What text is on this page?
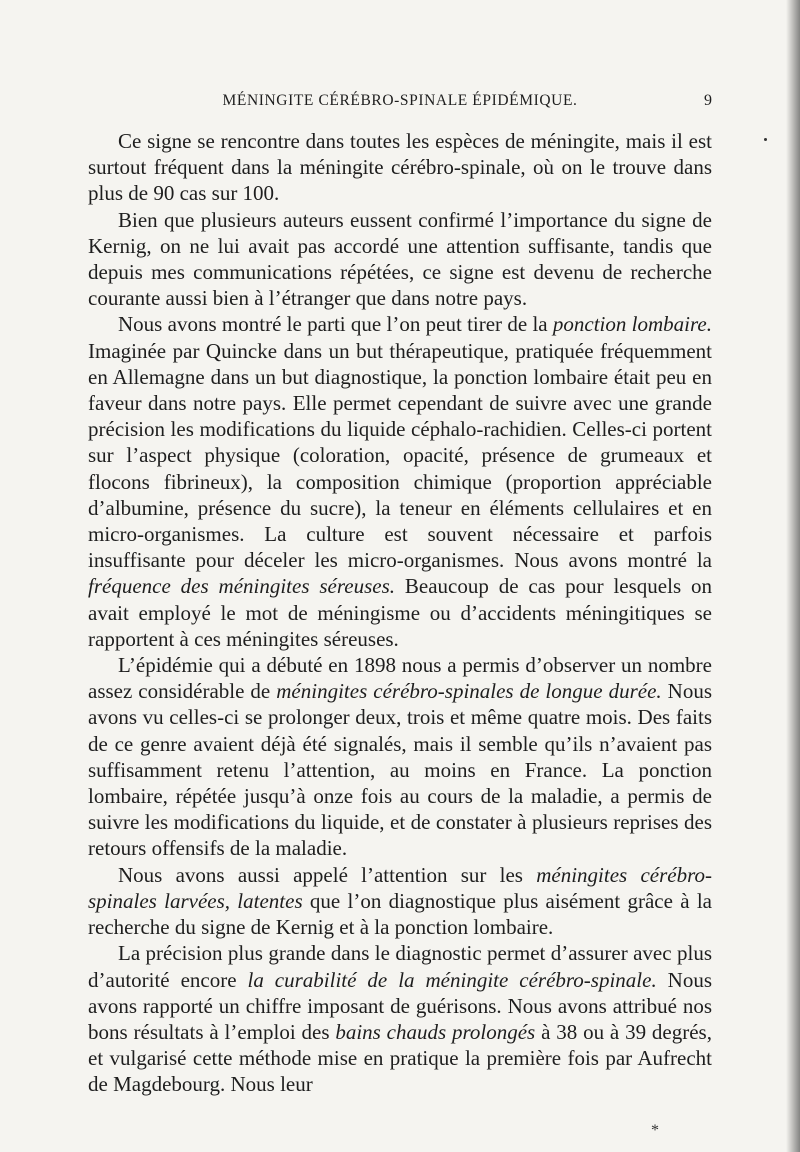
MÉNINGITE CÉRÉBRO-SPINALE ÉPIDÉMIQUE.	9

Ce signe se rencontre dans toutes les espèces de méningite, mais il est surtout fréquent dans la méningite cérébro-spinale, où on le trouve dans plus de 90 cas sur 100.

Bien que plusieurs auteurs eussent confirmé l’importance du signe de Kernig, on ne lui avait pas accordé une attention suffisante, tandis que depuis mes communications répétées, ce signe est devenu de recherche courante aussi bien à l’étranger que dans notre pays.

Nous avons montré le parti que l’on peut tirer de la ponction lombaire. Imaginée par Quincke dans un but thérapeutique, pratiquée fréquemment en Allemagne dans un but diagnostique, la ponction lombaire était peu en faveur dans notre pays. Elle permet cependant de suivre avec une grande précision les modifications du liquide céphalo-rachidien. Celles-ci portent sur l’aspect physique (coloration, opacité, présence de grumeaux et flocons fibrineux), la composition chimique (proportion appréciable d’albumine, présence du sucre), la teneur en éléments cellulaires et en micro-organismes. La culture est souvent nécessaire et parfois insuffisante pour déceler les micro-organismes. Nous avons montré la fréquence des méningites séreuses. Beaucoup de cas pour lesquels on avait employé le mot de méningisme ou d’accidents méningitiques se rapportent à ces méningites séreuses.

L’épidémie qui a débuté en 1898 nous a permis d’observer un nombre assez considérable de méningites cérébro-spinales de longue durée. Nous avons vu celles-ci se prolonger deux, trois et même quatre mois. Des faits de ce genre avaient déjà été signalés, mais il semble qu’ils n’avaient pas suffisamment retenu l’attention, au moins en France. La ponction lombaire, répétée jusqu’à onze fois au cours de la maladie, a permis de suivre les modifications du liquide, et de constater à plusieurs reprises des retours offensifs de la maladie.

Nous avons aussi appelé l’attention sur les méningites cérébro-spinales larvées, latentes que l’on diagnostique plus aisément grâce à la recherche du signe de Kernig et à la ponction lombaire.

La précision plus grande dans le diagnostic permet d’assurer avec plus d’autorité encore la curabilité de la méningite cérébro-spinale. Nous avons rapporté un chiffre imposant de guérisons. Nous avons attribué nos bons résultats à l’emploi des bains chauds prolongés à 38 ou à 39 degrés, et vulgarisé cette méthode mise en pratique la première fois par Aufrecht de Magdebourg. Nous leur

*
